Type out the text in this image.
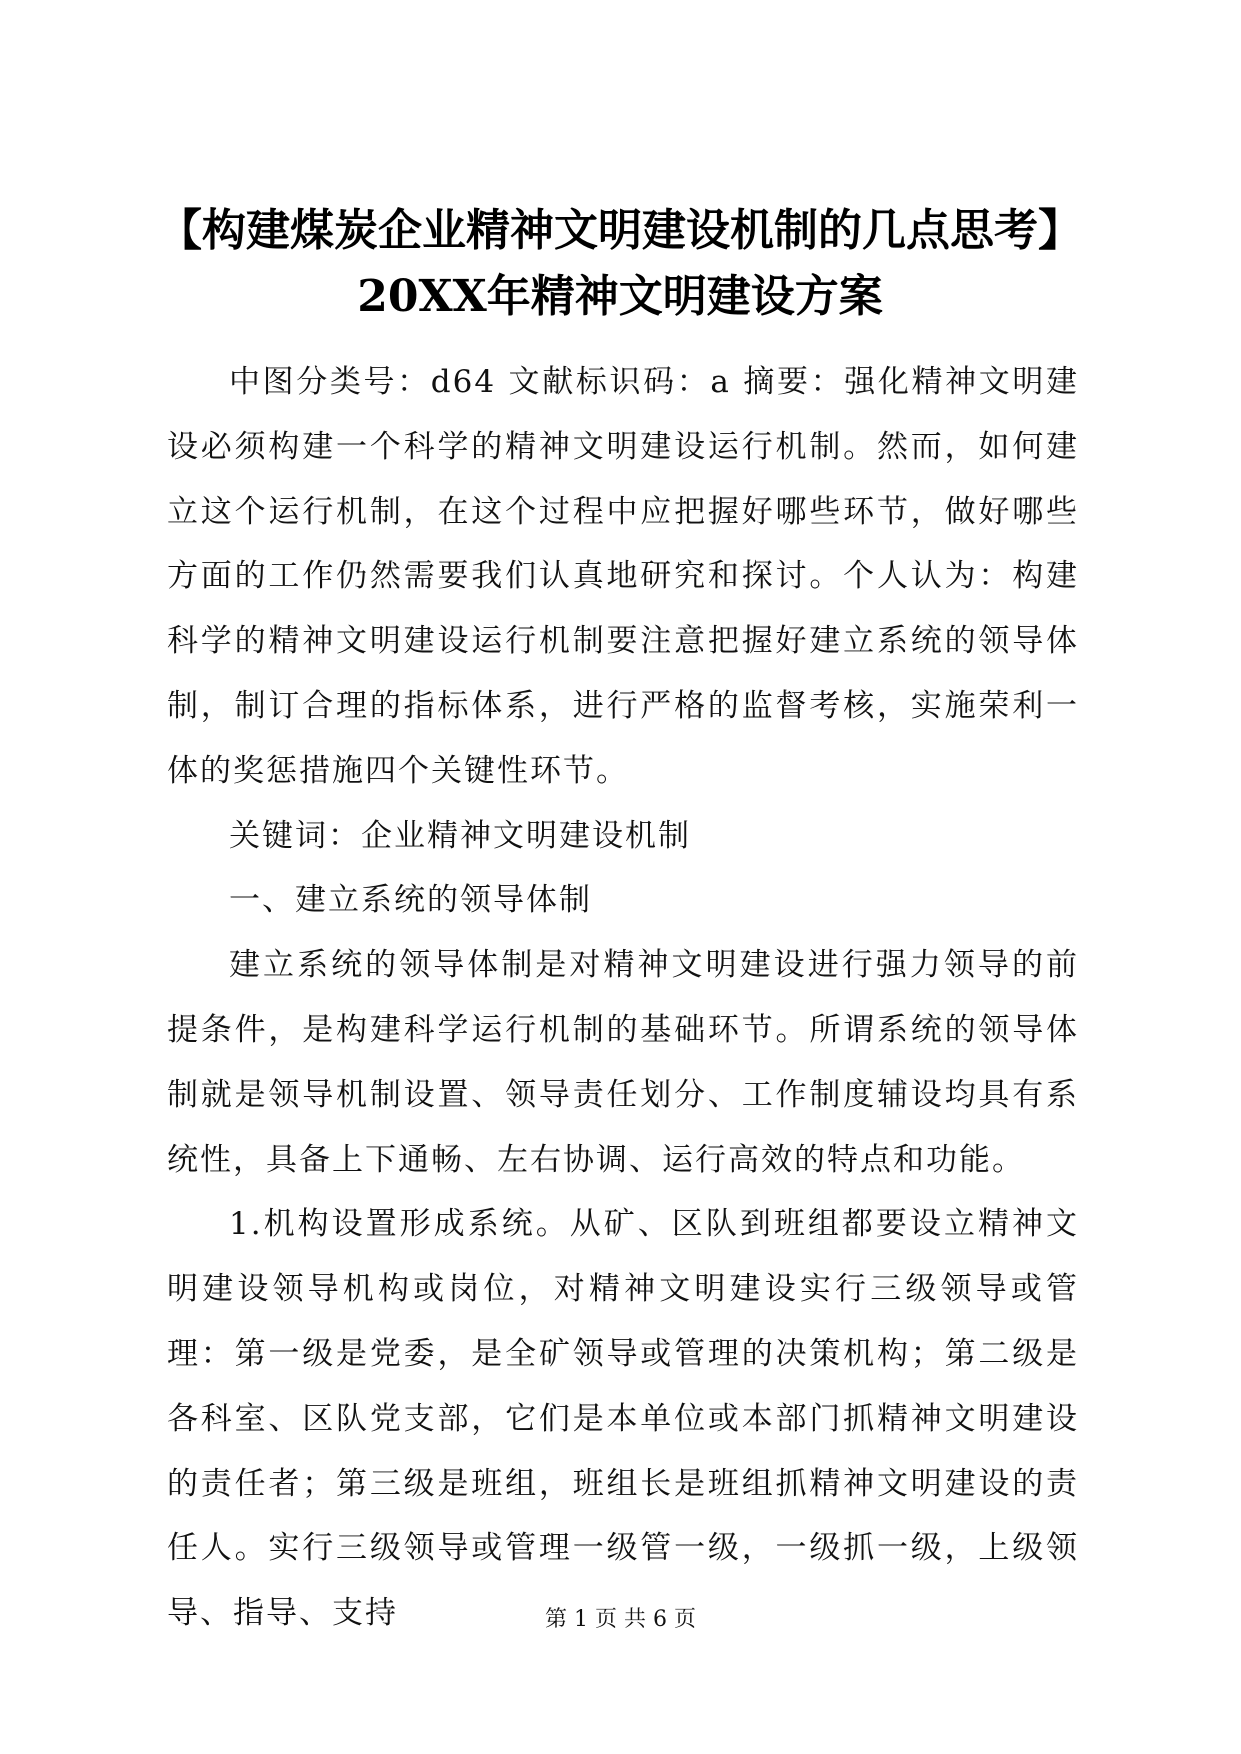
【构建煤炭企业精神文明建设机制的几点思考】20XX年精神文明建设方案

中图分类号：d64 文献标识码：a 摘要：强化精神文明建设必须构建一个科学的精神文明建设运行机制。然而，如何建立这个运行机制，在这个过程中应把握好哪些环节，做好哪些方面的工作仍然需要我们认真地研究和探讨。个人认为：构建科学的精神文明建设运行机制要注意把握好建立系统的领导体制，制订合理的指标体系，进行严格的监督考核，实施荣利一体的奖惩措施四个关键性环节。

关键词：企业精神文明建设机制

一、建立系统的领导体制

建立系统的领导体制是对精神文明建设进行强力领导的前提条件，是构建科学运行机制的基础环节。所谓系统的领导体制就是领导机制设置、领导责任划分、工作制度辅设均具有系统性，具备上下通畅、左右协调、运行高效的特点和功能。

1.机构设置形成系统。从矿、区队到班组都要设立精神文明建设领导机构或岗位，对精神文明建设实行三级领导或管理：第一级是党委，是全矿领导或管理的决策机构；第二级是各科室、区队党支部，它们是本单位或本部门抓精神文明建设的责任者；第三级是班组，班组长是班组抓精神文明建设的责任人。实行三级领导或管理一级管一级，一级抓一级，上级领导、指导、支持	第 1 页 共 6 页
